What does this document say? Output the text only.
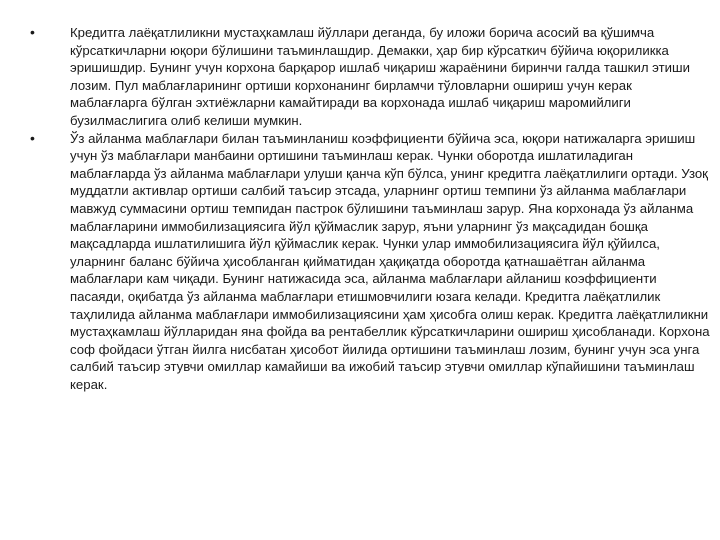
•	Кредитга лаёқатлиликни мустаҳкамлаш йўллари деганда, бу иложи борича асосий ва қўшимча кўрсаткичларни юқори бўлишини таъминлашдир. Демакки, ҳар бир кўрсаткич бўйича юқориликка эришишдир. Бунинг учун корхона барқарор ишлаб чиқариш жараёнини биринчи галда ташкил этиши лозим. Пул маблағларининг ортиши корхонанинг бирламчи тўловларни ошириш учун керак маблағларга бўлган эхтиёжларни камайтиради ва корхонада ишлаб чиқариш маромийлиги бузилмаслигига олиб келиши мумкин.
•	Ўз айланма маблағлари билан таъминланиш коэффициенти бўйича эса, юқори натижаларга эришиш учун ўз маблағлари манбаини ортишини таъминлаш керак. Чунки оборотда ишлатиладиган маблағларда ўз айланма маблағлари улуши қанча кўп бўлса, унинг кредитга лаёқатлилиги ортади. Узоқ муддатли активлар ортиши салбий таъсир этсада, уларнинг ортиш темпини ўз айланма маблағлари мавжуд суммасини ортиш темпидан пастрок бўлишини таъминлаш зарур. Яна корхонада ўз айланма маблағларини иммобилизациясига йўл қўймаслик зарур, яъни уларнинг ўз мақсадидан бошқа мақсадларда ишлатилишига йўл қўймаслик керак. Чунки улар иммобилизациясига йўл қўйилса, уларнинг баланс бўйича ҳисобланган қийматидан ҳақиқатда оборотда қатнашаётган айланма маблағлари кам чиқади. Бунинг натижасида эса, айланма маблағлари айланиш коэффициенти пасаяди, оқибатда ўз айланма маблағлари етишмовчилиги юзага келади. Кредитга лаёқатлилик таҳлилида айланма маблағлари иммобилизациясини ҳам ҳисобга олиш керак. Кредитга лаёқатлиликни мустаҳкамлаш йўлларидан яна фойда ва рентабеллик кўрсаткичларини ошириш ҳисобланади. Корхона соф фойдаси ўтган йилга нисбатан ҳисобот йилида ортишини таъминлаш лозим, бунинг учун эса унга салбий таъсир этувчи омиллар камайиши ва ижобий таъсир этувчи омиллар кўпайишини таъминлаш керак.
